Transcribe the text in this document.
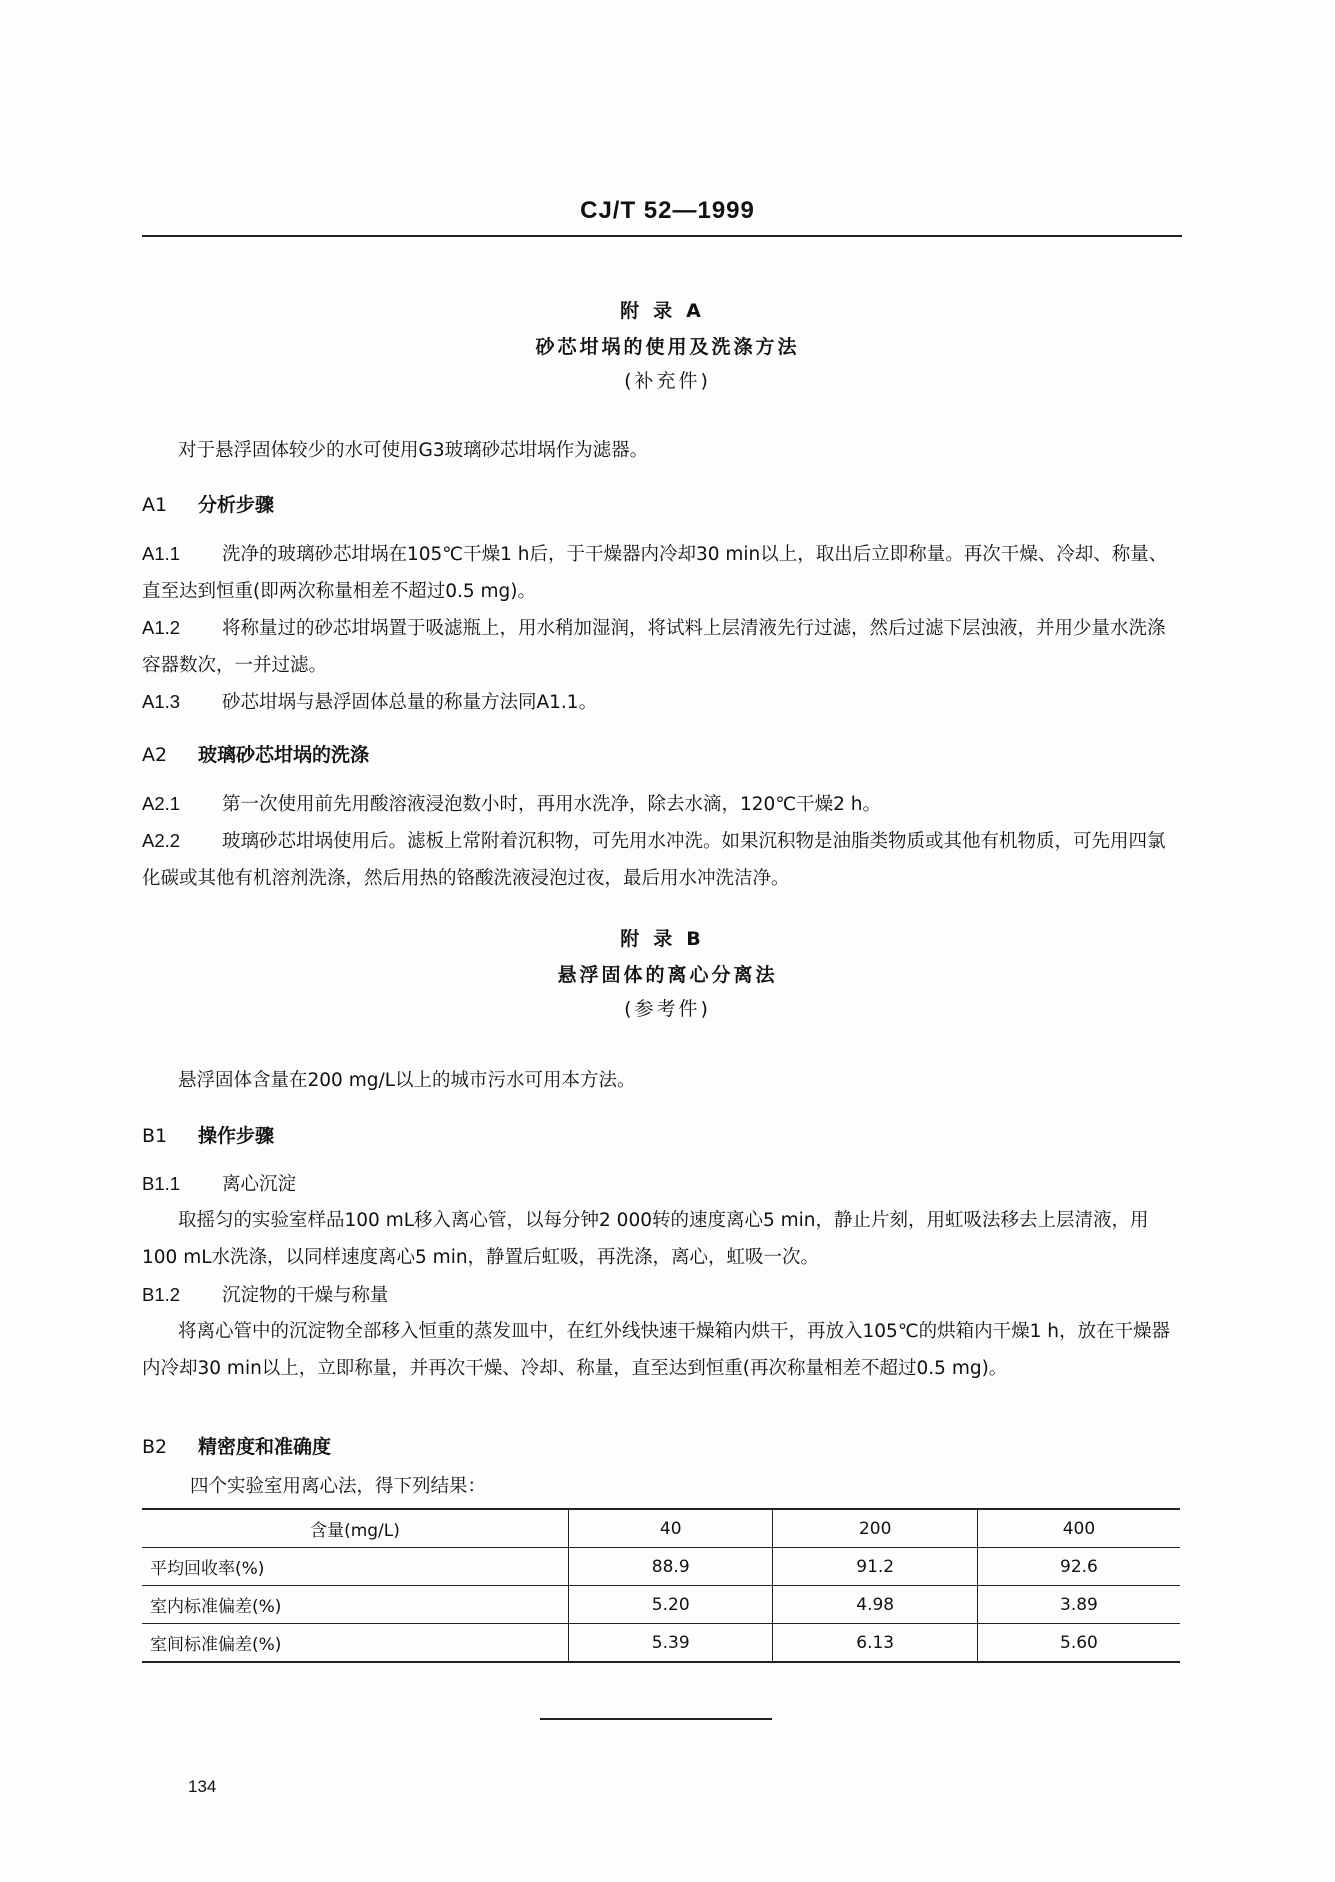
CJ/T 52—1999
附录A
砂芯坩埚的使用及洗涤方法
(补充件)
对于悬浮固体较少的水可使用G3玻璃砂芯坩埚作为滤器。
A1 分析步骤
A1.1 洗净的玻璃砂芯坩埚在105℃干燥1 h后，于干燥器内冷却30 min以上，取出后立即称量。再次干燥、冷却、称量、直至达到恒重(即两次称量相差不超过0.5 mg)。
A1.2 将称量过的砂芯坩埚置于吸滤瓶上，用水稍加湿润，将试料上层清液先行过滤，然后过滤下层浊液，并用少量水洗涤容器数次，一并过滤。
A1.3 砂芯坩埚与悬浮固体总量的称量方法同A1.1。
A2 玻璃砂芯坩埚的洗涤
A2.1 第一次使用前先用酸溶液浸泡数小时，再用水洗净，除去水滴，120℃干燥2 h。
A2.2 玻璃砂芯坩埚使用后。滤板上常附着沉积物，可先用水冲洗。如果沉积物是油脂类物质或其他有机物质，可先用四氯化碳或其他有机溶剂洗涤，然后用热的铬酸洗液浸泡过夜，最后用水冲洗洁净。
附录B
悬浮固体的离心分离法
(参考件)
悬浮固体含量在200 mg/L以上的城市污水可用本方法。
B1 操作步骤
B1.1 离心沉淀
取摇匀的实验室样品100 mL移入离心管，以每分钟2 000转的速度离心5 min，静止片刻，用虹吸法移去上层清液，用100 mL水洗涤，以同样速度离心5 min，静置后虹吸，再洗涤，离心，虹吸一次。
B1.2 沉淀物的干燥与称量
将离心管中的沉淀物全部移入恒重的蒸发皿中，在红外线快速干燥箱内烘干，再放入105℃的烘箱内干燥1 h，放在干燥器内冷却30 min以上，立即称量，并再次干燥、冷却、称量，直至达到恒重(再次称量相差不超过0.5 mg)。
B2 精密度和准确度
四个实验室用离心法，得下列结果：
含量(mg/L)	40	200	400
平均回收率(%)	88.9	91.2	92.6
室内标准偏差(%)	5.20	4.98	3.89
室间标准偏差(%)	5.39	6.13	5.60
134
